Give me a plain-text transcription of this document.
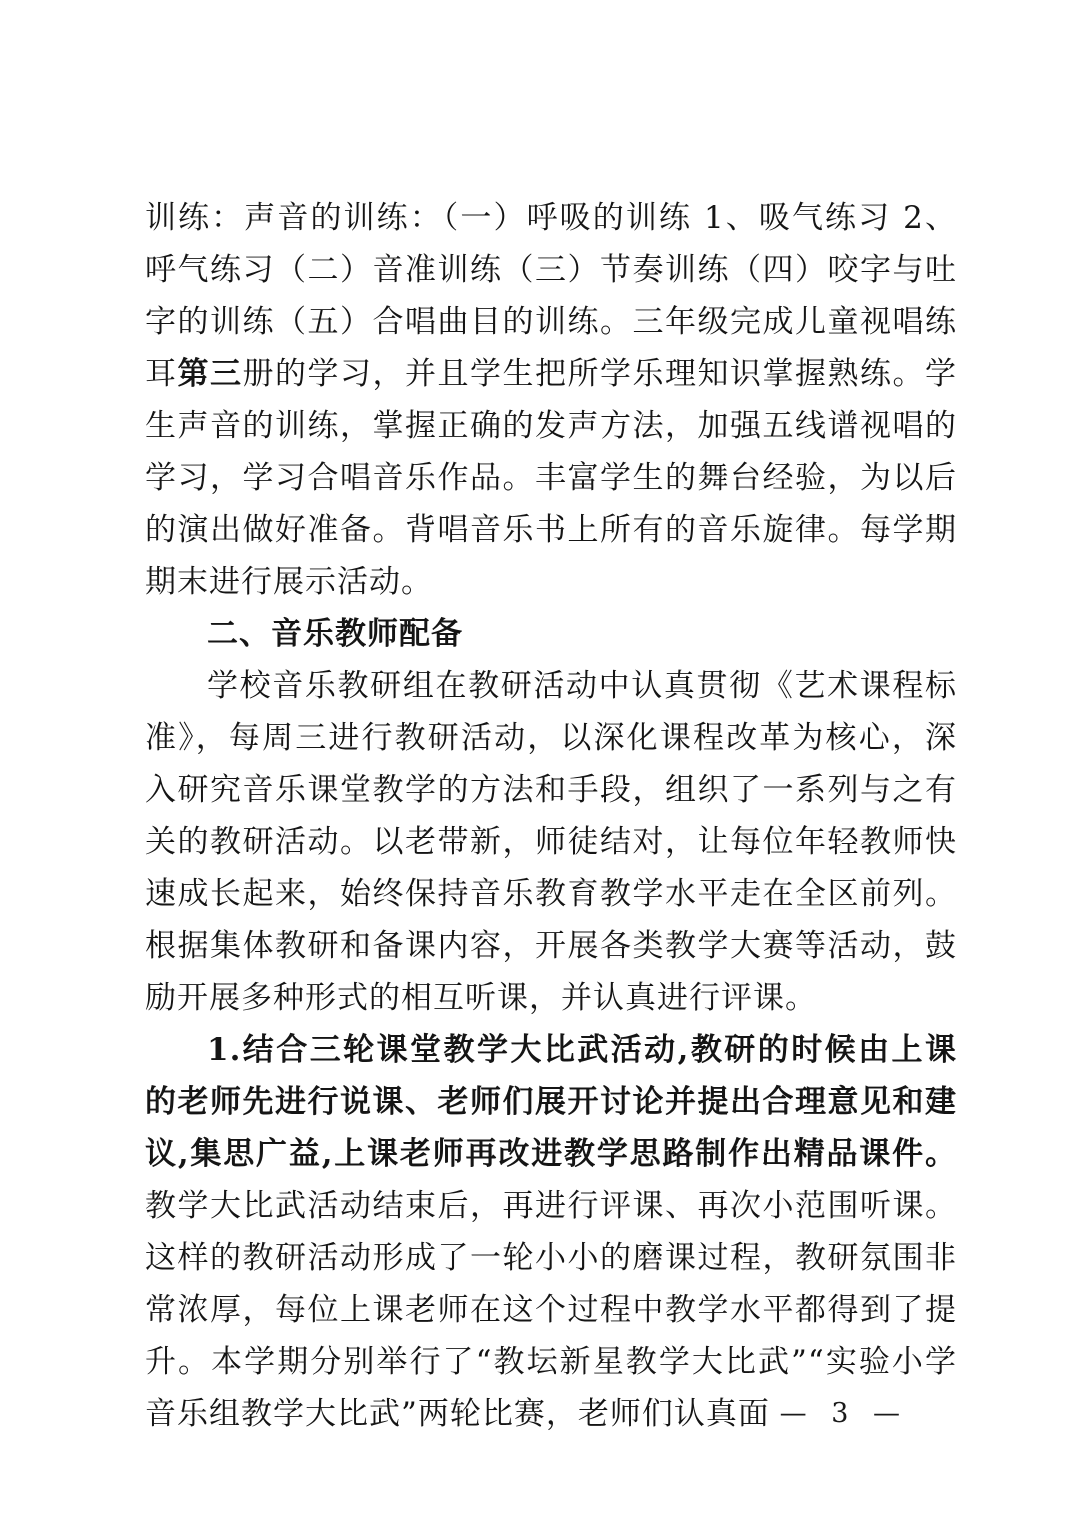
训练：声音的训练：（一）呼吸的训练 1、吸气练习 2、呼气练习（二）音准训练（三）节奏训练（四）咬字与吐字的训练（五）合唱曲目的训练。三年级完成儿童视唱练耳第三册的学习，并且学生把所学乐理知识掌握熟练。学生声音的训练，掌握正确的发声方法，加强五线谱视唱的学习，学习合唱音乐作品。丰富学生的舞台经验，为以后的演出做好准备。背唱音乐书上所有的音乐旋律。每学期期末进行展示活动。

二、音乐教师配备

学校音乐教研组在教研活动中认真贯彻《艺术课程标准》，每周三进行教研活动，以深化课程改革为核心，深入研究音乐课堂教学的方法和手段，组织了一系列与之有关的教研活动。以老带新，师徒结对，让每位年轻教师快速成长起来，始终保持音乐教育教学水平走在全区前列。根据集体教研和备课内容，开展各类教学大赛等活动，鼓励开展多种形式的相互听课，并认真进行评课。

1.结合三轮课堂教学大比武活动,教研的时候由上课的老师先进行说课、老师们展开讨论并提出合理意见和建议,集思广益,上课老师再改进教学思路制作出精品课件。教学大比武活动结束后，再进行评课、再次小范围听课。这样的教研活动形成了一轮小小的磨课过程，教研氛围非常浓厚，每位上课老师在这个过程中教学水平都得到了提升。本学期分别举行了“教坛新星教学大比武”“实验小学音乐组教学大比武”两轮比赛，老师们认真面 — 3 —
